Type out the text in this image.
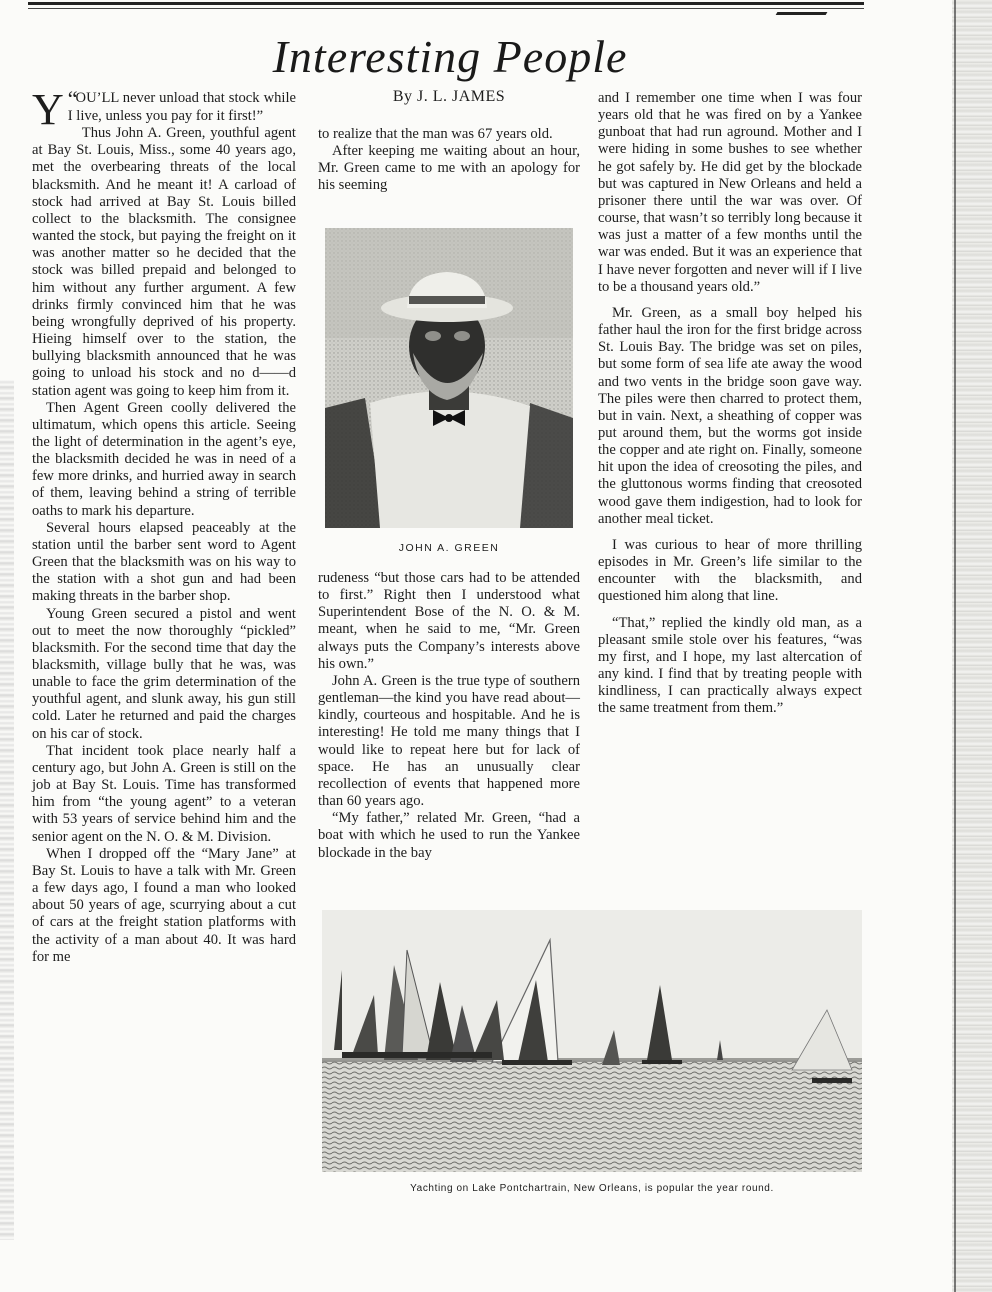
Interesting People
By J. L. JAMES

“
Y OU’LL never unload that stock while I live, unless you pay for it first!”

Thus John A. Green, youthful agent at Bay St. Louis, Miss., some 40 years ago, met the overbearing threats of the local blacksmith. And he meant it! A carload of stock had arrived at Bay St. Louis billed collect to the blacksmith. The consignee wanted the stock, but paying the freight on it was another matter so he decided that the stock was billed prepaid and belonged to him without any further argument. A few drinks firmly convinced him that he was being wrongfully deprived of his property. Hieing himself over to the station, the bullying blacksmith announced that he was going to unload his stock and no d——d station agent was going to keep him from it.

Then Agent Green coolly delivered the ultimatum, which opens this article. Seeing the light of determination in the agent’s eye, the blacksmith decided he was in need of a few more drinks, and hurried away in search of them, leaving behind a string of terrible oaths to mark his departure.

Several hours elapsed peaceably at the station until the barber sent word to Agent Green that the blacksmith was on his way to the station with a shot gun and had been making threats in the barber shop.

Young Green secured a pistol and went out to meet the now thoroughly “pickled” blacksmith. For the second time that day the blacksmith, village bully that he was, was unable to face the grim determination of the youthful agent, and slunk away, his gun still cold. Later he returned and paid the charges on his car of stock.

That incident took place nearly half a century ago, but John A. Green is still on the job at Bay St. Louis. Time has transformed him from “the young agent” to a veteran with 53 years of service behind him and the senior agent on the N. O. & M. Division.

When I dropped off the “Mary Jane” at Bay St. Louis to have a talk with Mr. Green a few days ago, I found a man who looked about 50 years of age, scurrying about a cut of cars at the freight station platforms with the activity of a man about 40. It was hard for me

to realize that the man was 67 years old.

After keeping me waiting about an hour, Mr. Green came to me with an apology for his seeming

JOHN A. GREEN

rudeness “but those cars had to be attended to first.” Right then I understood what Superintendent Bose of the N. O. & M. meant, when he said to me, “Mr. Green always puts the Company’s interests above his own.”

John A. Green is the true type of southern gentleman—the kind you have read about—kindly, courteous and hospitable. And he is interesting! He told me many things that I would like to repeat here but for lack of space. He has an unusually clear recollection of events that happened more than 60 years ago.

“My father,” related Mr. Green, “had a boat with which he used to run the Yankee blockade in the bay

and I remember one time when I was four years old that he was fired on by a Yankee gunboat that had run aground. Mother and I were hiding in some bushes to see whether he got safely by. He did get by the blockade but was captured in New Orleans and held a prisoner there until the war was over. Of course, that wasn’t so terribly long because it was just a matter of a few months until the war was ended. But it was an experience that I have never forgotten and never will if I live to be a thousand years old.”

Mr. Green, as a small boy helped his father haul the iron for the first bridge across St. Louis Bay. The bridge was set on piles, but some form of sea life ate away the wood and two vents in the bridge soon gave way. The piles were then charred to protect them, but in vain. Next, a sheathing of copper was put around them, but the worms got inside the copper and ate right on. Finally, someone hit upon the idea of creosoting the piles, and the gluttonous worms finding that creosoted wood gave them indigestion, had to look for another meal ticket.

I was curious to hear of more thrilling episodes in Mr. Green’s life similar to the encounter with the blacksmith, and questioned him along that line.

“That,” replied the kindly old man, as a pleasant smile stole over his features, “was my first, and I hope, my last altercation of any kind. I find that by treating people with kindliness, I can practically always expect the same treatment from them.”

Yachting on Lake Pontchartrain, New Orleans, is popular the year round.
